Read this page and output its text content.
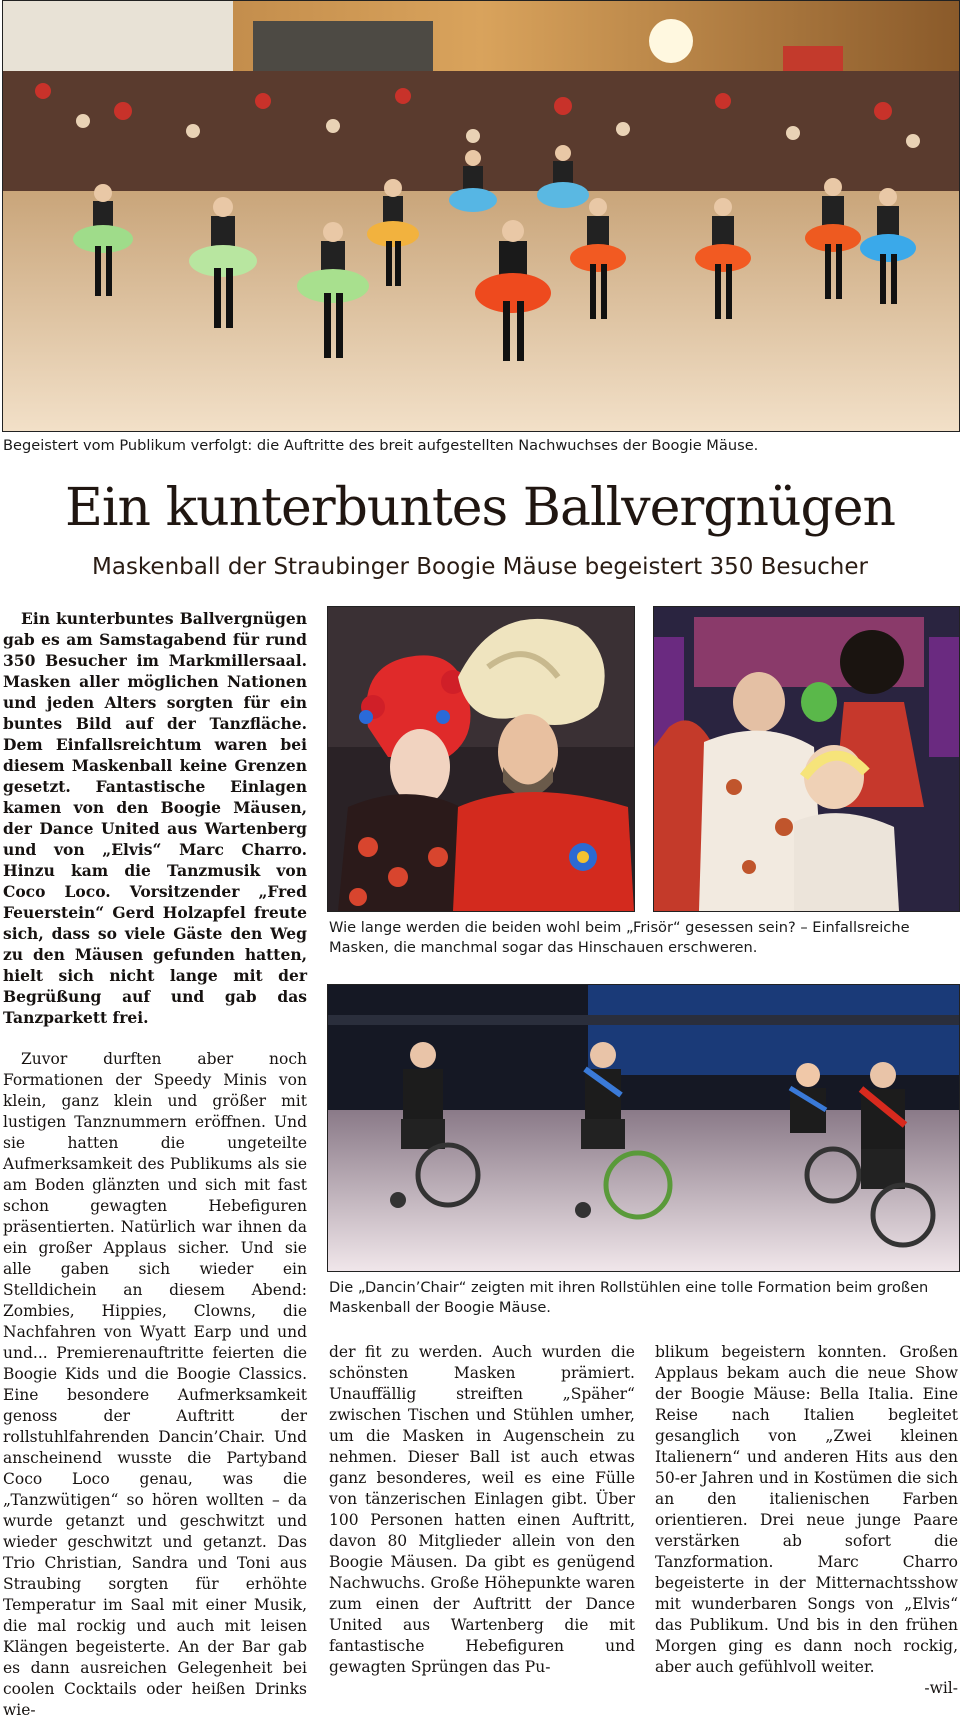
Begeistert vom Publikum verfolgt: die Auftritte des breit aufgestellten Nachwuchses der Boogie Mäuse.
Ein kunterbuntes Ballvergnügen
Maskenball der Straubinger Boogie Mäuse begeistert 350 Besucher

Ein kunterbuntes Ballvergnügen gab es am Samstagabend für rund 350 Besucher im Markmillersaal. Masken aller möglichen Nationen und jeden Alters sorgten für ein buntes Bild auf der Tanzfläche. Dem Einfallsreichtum waren bei diesem Maskenball keine Grenzen gesetzt. Fantastische Einlagen kamen von den Boogie Mäusen, der Dance United aus Wartenberg und von „Elvis“ Marc Charro. Hinzu kam die Tanzmusik von Coco Loco. Vorsitzender „Fred Feuerstein“ Gerd Holzapfel freute sich, dass so viele Gäste den Weg zu den Mäusen gefunden hatten, hielt sich nicht lange mit der Begrüßung auf und gab das Tanzparkett frei.

Zuvor durften aber noch Formationen der Speedy Minis von klein, ganz klein und größer mit lustigen Tanznummern eröffnen. Und sie hatten die ungeteilte Aufmerksamkeit des Publikums als sie am Boden glänzten und sich mit fast schon gewagten Hebefiguren präsentierten. Natürlich war ihnen da ein großer Applaus sicher. Und sie alle gaben sich wieder ein Stelldichein an diesem Abend: Zombies, Hippies, Clowns, die Nachfahren von Wyatt Earp und und und... Premierenauftritte feierten die Boogie Kids und die Boogie Classics. Eine besondere Aufmerksamkeit genoss der Auftritt der rollstuhlfahrenden Dancin’Chair. Und anscheinend wusste die Partyband Coco Loco genau, was die „Tanzwütigen“ so hören wollten – da wurde getanzt und geschwitzt und wieder geschwitzt und getanzt. Das Trio Christian, Sandra und Toni aus Straubing sorgten für erhöhte Temperatur im Saal mit einer Musik, die mal rockig und auch mit leisen Klängen begeisterte. An der Bar gab es dann ausreichen Gelegenheit bei coolen Cocktails oder heißen Drinks wie-

Wie lange werden die beiden wohl beim „Frisör“ gesessen sein? – Einfallsreiche Masken, die manchmal sogar das Hinschauen erschweren.
Die „Dancin’Chair“ zeigten mit ihren Rollstühlen eine tolle Formation beim großen Maskenball der Boogie Mäuse.

der fit zu werden. Auch wurden die schönsten Masken prämiert. Unauffällig streiften „Späher“ zwischen Tischen und Stühlen umher, um die Masken in Augenschein zu nehmen. Dieser Ball ist auch etwas ganz besonderes, weil es eine Fülle von tänzerischen Einlagen gibt. Über 100 Personen hatten einen Auftritt, davon 80 Mitglieder allein von den Boogie Mäusen. Da gibt es genügend Nachwuchs. Große Höhepunkte waren zum einen der Auftritt der Dance United aus Wartenberg die mit fantastische Hebefiguren und gewagten Sprüngen das Pu-

blikum begeistern konnten. Großen Applaus bekam auch die neue Show der Boogie Mäuse: Bella Italia. Eine Reise nach Italien begleitet gesanglich von „Zwei kleinen Italienern“ und anderen Hits aus den 50-er Jahren und in Kostümen die sich an den italienischen Farben orientieren. Drei neue junge Paare verstärken ab sofort die Tanzformation. Marc Charro begeisterte in der Mitternachtsshow mit wunderbaren Songs von „Elvis“ das Publikum. Und bis in den frühen Morgen ging es dann noch rockig, aber auch gefühlvoll weiter.

-wil-
